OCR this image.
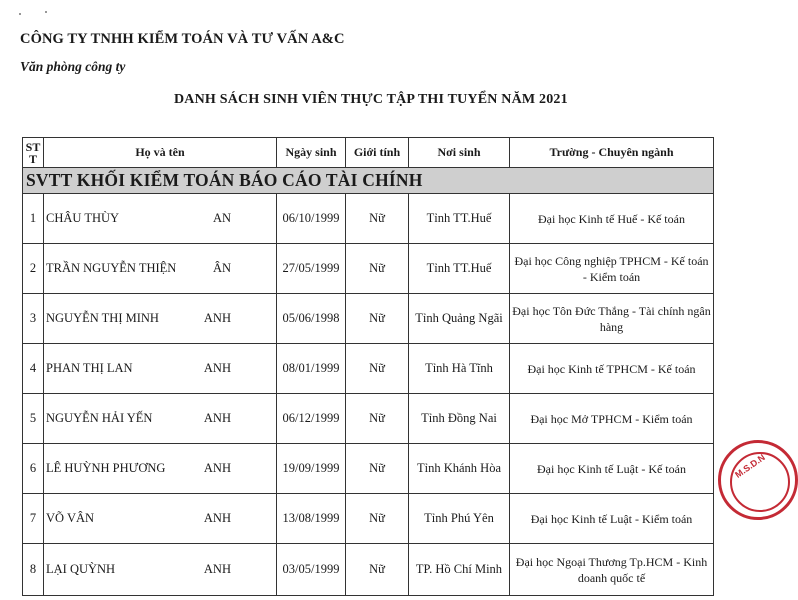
CÔNG TY TNHH KIỂM TOÁN VÀ TƯ VẤN A&C
Văn phòng công ty
DANH SÁCH SINH VIÊN THỰC TẬP THI TUYỂN NĂM 2021
ST T	Họ và tên	Ngày sinh	Giới tính	Nơi sinh	Trường - Chuyên ngành
SVTT KHỐI KIỂM TOÁN BÁO CÁO TÀI CHÍNH					
1	CHÂU THÙY AN	06/10/1999	Nữ	Tỉnh TT.Huế	Đại học Kinh tế Huế - Kế toán
2	TRẦN NGUYỄN THIỆN ÂN	27/05/1999	Nữ	Tỉnh TT.Huế	Đại học Công nghiệp TPHCM - Kế toán - Kiểm toán
3	NGUYỄN THỊ MINH ANH	05/06/1998	Nữ	Tỉnh Quảng Ngãi	Đại học Tôn Đức Thắng - Tài chính ngân hàng
4	PHAN THỊ LAN ANH	08/01/1999	Nữ	Tỉnh Hà Tĩnh	Đại học Kinh tế TPHCM - Kế toán
5	NGUYỄN HẢI YẾN ANH	06/12/1999	Nữ	Tỉnh Đồng Nai	Đại học Mở TPHCM - Kiểm toán
6	LÊ HUỲNH PHƯƠNG ANH	19/09/1999	Nữ	Tỉnh Khánh Hòa	Đại học Kinh tế Luật - Kế toán
7	VÕ VÂN ANH	13/08/1999	Nữ	Tỉnh Phú Yên	Đại học Kinh tế Luật - Kiểm toán
8	LẠI QUỲNH ANH	03/05/1999	Nữ	TP. Hồ Chí Minh	Đại học Ngoại Thương Tp.HCM - Kinh doanh quốc tế
M.S.D.N
